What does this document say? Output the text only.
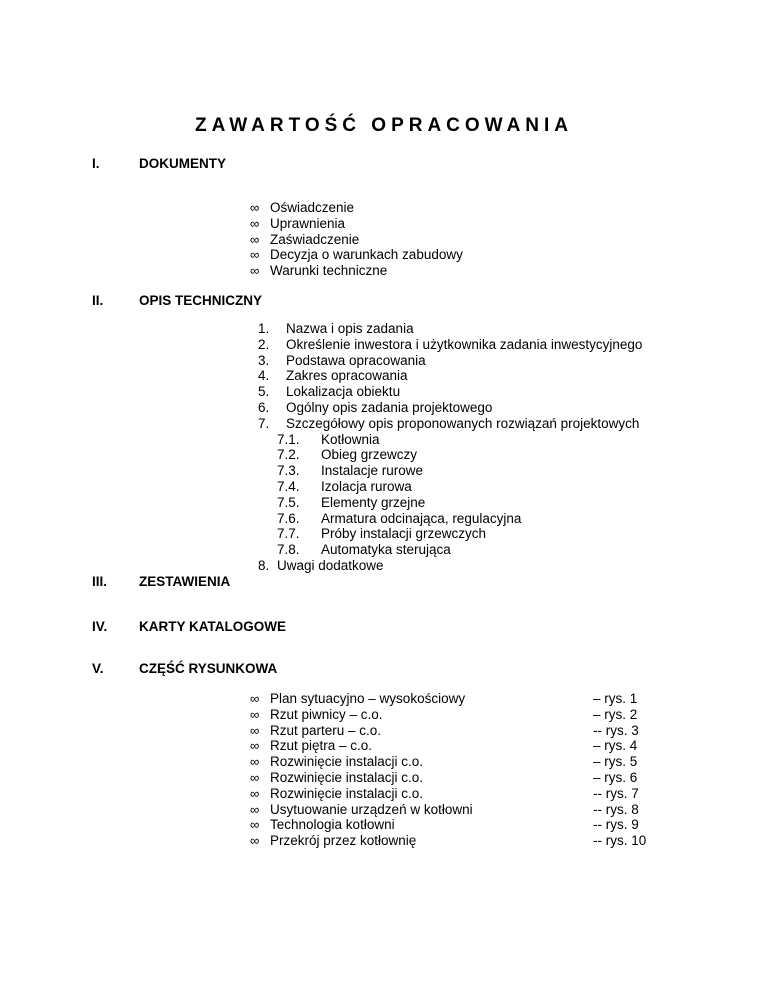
ZAWARTOŚĆ OPRACOWANIA
I.	DOKUMENTY
∞ Oświadczenie
∞ Uprawnienia
∞ Zaświadczenie
∞ Decyzja o warunkach zabudowy
∞ Warunki techniczne
II.	OPIS TECHNICZNY
1. Nazwa i opis zadania
2. Określenie inwestora i użytkownika zadania inwestycyjnego
3. Podstawa opracowania
4. Zakres opracowania
5. Lokalizacja obiektu
6. Ogólny opis zadania projektowego
7. Szczegółowy opis proponowanych rozwiązań projektowych
7.1. Kotłownia
7.2. Obieg grzewczy
7.3. Instalacje rurowe
7.4. Izolacja rurowa
7.5. Elementy grzejne
7.6. Armatura odcinająca, regulacyjna
7.7. Próby instalacji grzewczych
7.8. Automatyka sterująca
8. Uwagi dodatkowe
III. ZESTAWIENIA
IV. KARTY KATALOGOWE
V.	CZĘŚĆ RYSUNKOWA
∞ Plan sytuacyjno – wysokościowy	– rys. 1
∞ Rzut piwnicy – c.o.	– rys. 2
∞ Rzut parteru – c.o.	-- rys. 3
∞ Rzut piętra – c.o.	– rys. 4
∞ Rozwinięcie instalacji c.o.	– rys. 5
∞ Rozwinięcie instalacji c.o.	– rys. 6
∞ Rozwinięcie instalacji c.o.	-- rys. 7
∞ Usytuowanie urządzeń w kotłowni	-- rys. 8
∞ Technologia kotłowni	-- rys. 9
∞ Przekrój przez kotłownię	-- rys. 10
